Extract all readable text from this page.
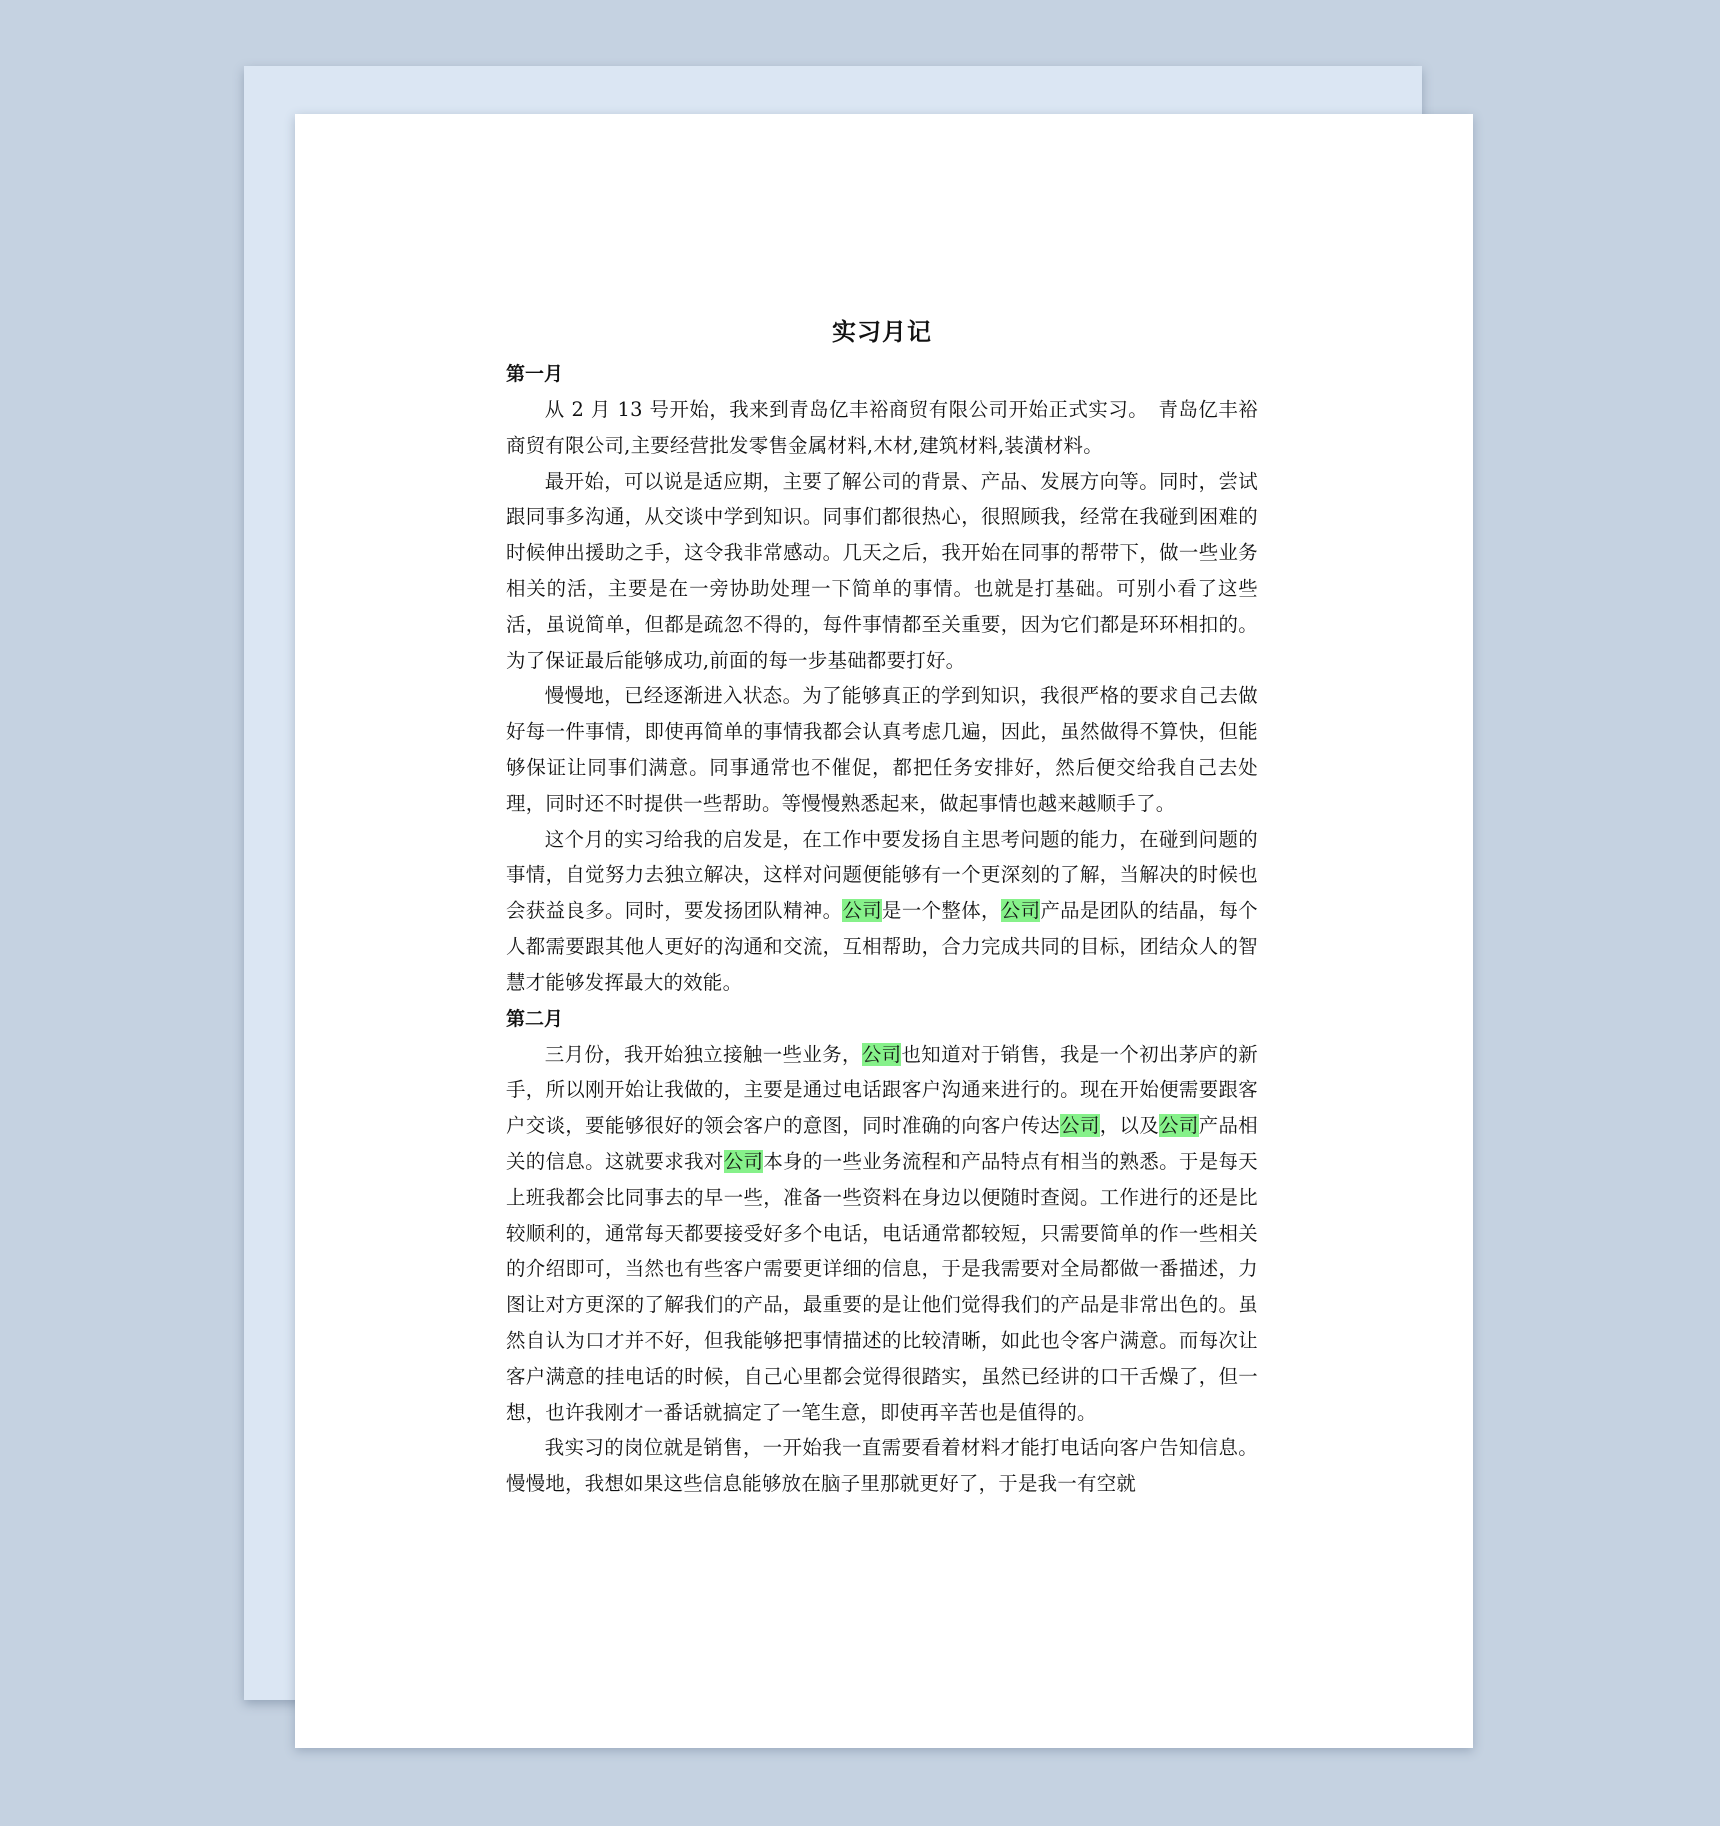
实习月记
第一月

从 2 月 13 号开始，我来到青岛亿丰裕商贸有限公司开始正式实习。　青岛亿丰裕商贸有限公司,主要经营批发零售金属材料,木材,建筑材料,装潢材料。

最开始，可以说是适应期，主要了解公司的背景、产品、发展方向等。同时，尝试跟同事多沟通，从交谈中学到知识。同事们都很热心，很照顾我，经常在我碰到困难的时候伸出援助之手，这令我非常感动。几天之后，我开始在同事的帮带下，做一些业务相关的活，主要是在一旁协助处理一下简单的事情。也就是打基础。可别小看了这些活，虽说简单，但都是疏忽不得的，每件事情都至关重要，因为它们都是环环相扣的。为了保证最后能够成功,前面的每一步基础都要打好。

慢慢地，已经逐渐进入状态。为了能够真正的学到知识，我很严格的要求自己去做好每一件事情，即使再简单的事情我都会认真考虑几遍，因此，虽然做得不算快，但能够保证让同事们满意。同事通常也不催促，都把任务安排好，然后便交给我自己去处理，同时还不时提供一些帮助。等慢慢熟悉起来，做起事情也越来越顺手了。

这个月的实习给我的启发是，在工作中要发扬自主思考问题的能力，在碰到问题的事情，自觉努力去独立解决，这样对问题便能够有一个更深刻的了解，当解决的时候也会获益良多。同时，要发扬团队精神。公司是一个整体，公司产品是团队的结晶，每个人都需要跟其他人更好的沟通和交流，互相帮助，合力完成共同的目标，团结众人的智慧才能够发挥最大的效能。

第二月

三月份，我开始独立接触一些业务，公司也知道对于销售，我是一个初出茅庐的新手，所以刚开始让我做的，主要是通过电话跟客户沟通来进行的。现在开始便需要跟客户交谈，要能够很好的领会客户的意图，同时准确的向客户传达公司，以及公司产品相关的信息。这就要求我对公司本身的一些业务流程和产品特点有相当的熟悉。于是每天上班我都会比同事去的早一些，准备一些资料在身边以便随时查阅。工作进行的还是比较顺利的，通常每天都要接受好多个电话，电话通常都较短，只需要简单的作一些相关的介绍即可，当然也有些客户需要更详细的信息，于是我需要对全局都做一番描述，力图让对方更深的了解我们的产品，最重要的是让他们觉得我们的产品是非常出色的。虽然自认为口才并不好，但我能够把事情描述的比较清晰，如此也令客户满意。而每次让客户满意的挂电话的时候，自己心里都会觉得很踏实，虽然已经讲的口干舌燥了，但一想，也许我刚才一番话就搞定了一笔生意，即使再辛苦也是值得的。

我实习的岗位就是销售，一开始我一直需要看着材料才能打电话向客户告知信息。慢慢地，我想如果这些信息能够放在脑子里那就更好了，于是我一有空就
